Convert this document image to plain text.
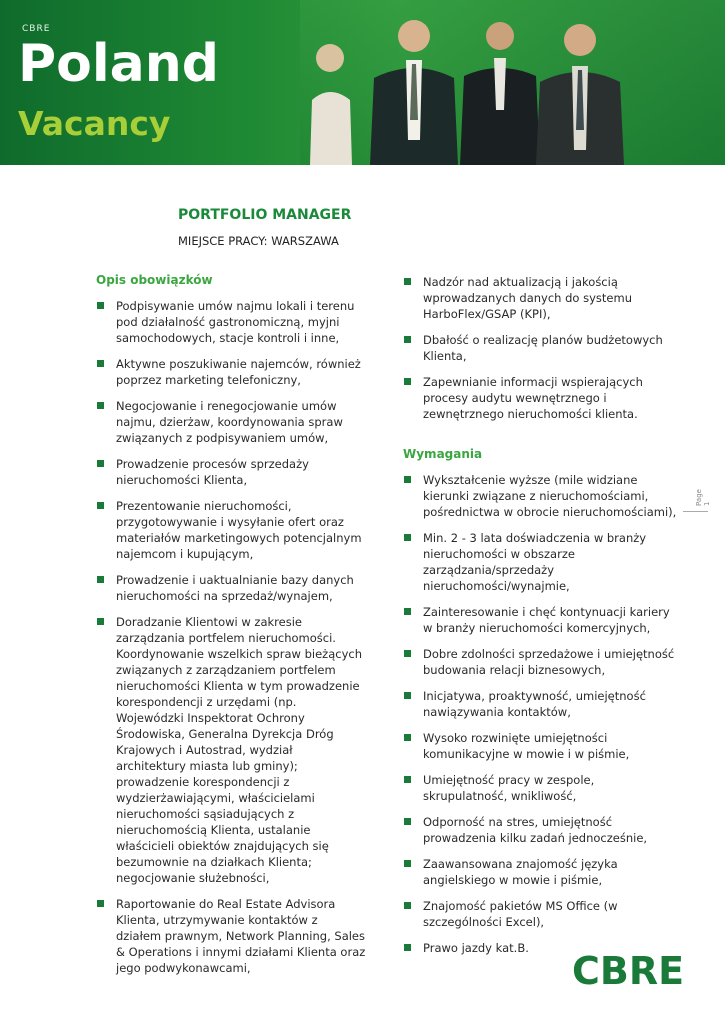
CBRE
Poland
Vacancy
PORTFOLIO MANAGER
MIEJSCE PRACY: WARSZAWA
Opis obowiązków
Podpisywanie umów najmu lokali i terenu pod działalność gastronomiczną, myjni samochodowych, stacje kontroli i inne,
Aktywne poszukiwanie najemców, również poprzez marketing telefoniczny,
Negocjowanie i renegocjowanie umów najmu, dzierżaw, koordynowania spraw związanych z podpisywaniem umów,
Prowadzenie procesów sprzedaży nieruchomości Klienta,
Prezentowanie nieruchomości, przygotowywanie i wysyłanie ofert oraz materiałów marketingowych potencjalnym najemcom i kupującym,
Prowadzenie i uaktualnianie bazy danych nieruchomości na sprzedaż/wynajem,
Doradzanie Klientowi w zakresie zarządzania portfelem nieruchomości. Koordynowanie wszelkich spraw bieżących związanych z zarządzaniem portfelem nieruchomości Klienta w tym prowadzenie korespondencji z urzędami (np. Wojewódzki Inspektorat Ochrony Środowiska, Generalna Dyrekcja Dróg Krajowych i Autostrad, wydział architektury miasta lub gminy); prowadzenie korespondencji z wydzierżawiającymi, właścicielami nieruchomości sąsiadujących z nieruchomością Klienta, ustalanie właścicieli obiektów znajdujących się bezumownie na działkach Klienta; negocjowanie służebności,
Raportowanie do Real Estate Advisora Klienta, utrzymywanie kontaktów z działem prawnym, Network Planning, Sales & Operations i innymi działami Klienta oraz jego podwykonawcami,
Nadzór nad aktualizacją i jakością wprowadzanych danych do systemu HarboFlex/GSAP (KPI),
Dbałość o realizację planów budżetowych Klienta,
Zapewnianie informacji wspierających procesy audytu wewnętrznego i zewnętrznego nieruchomości klienta.
Wymagania
Wykształcenie wyższe (mile widziane kierunki związane z nieruchomościami, pośrednictwa w obrocie nieruchomościami),
Min. 2 - 3 lata doświadczenia w branży nieruchomości w obszarze zarządzania/sprzedaży nieruchomości/wynajmie,
Zainteresowanie i chęć kontynuacji kariery w branży nieruchomości komercyjnych,
Dobre zdolności sprzedażowe i umiejętność budowania relacji biznesowych,
Inicjatywa, proaktywność, umiejętność nawiązywania kontaktów,
Wysoko rozwinięte umiejętności komunikacyjne w mowie i w piśmie,
Umiejętność pracy w zespole, skrupulatność, wnikliwość,
Odporność na stres, umiejętność prowadzenia kilku zadań jednocześnie,
Zaawansowana znajomość języka angielskiego w mowie i piśmie,
Znajomość pakietów MS Office (w szczególności Excel),
Prawo jazdy kat.B.
Page 1
CBRE
